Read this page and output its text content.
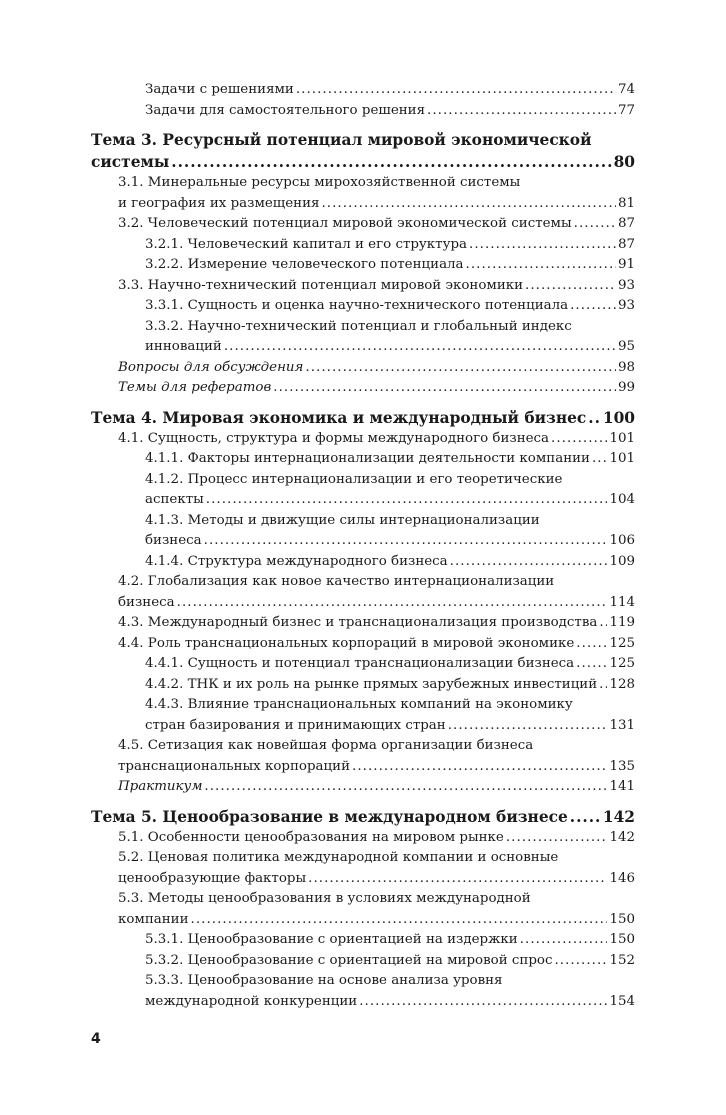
Задачи с решениями . . .	74
Задачи для самостоятельного решения . . .	77
Тема 3. Ресурсный потенциал мировой экономической
системы . . .	80
3.1. Минеральные ресурсы мирохозяйственной системы
и география их размещения . . .	81
3.2. Человеческий потенциал мировой экономической системы . . .	87
3.2.1. Человеческий капитал и его структура . . .	87
3.2.2. Измерение человеческого потенциала . . .	91
3.3. Научно-технический потенциал мировой экономики . . .	93
3.3.1. Сущность и оценка научно-технического потенциала . . .	93
3.3.2. Научно-технический потенциал и глобальный индекс
инноваций . . .	95
Вопросы для обсуждения . . .	98
Темы для рефератов . . .	99
Тема 4. Мировая экономика и международный бизнес . . . 100
4.1. Сущность, структура и формы международного бизнеса . . .	101
4.1.1. Факторы интернационализации деятельности компании . . . 101
4.1.2. Процесс интернационализации и его теоретические
аспекты . . .	104
4.1.3. Методы и движущие силы интернационализации
бизнеса . . .	106
4.1.4. Структура международного бизнеса . . .	109
4.2. Глобализация как новое качество интернационализации
бизнеса . . .	114
4.3. Международный бизнес и транснационализация производства . . . 119
4.4. Роль транснациональных корпораций в мировой экономике . . .	125
4.4.1. Сущность и потенциал транснационализации бизнеса . . .	125
4.4.2. ТНК и их роль на рынке прямых зарубежных инвестиций . . . 128
4.4.3. Влияние транснациональных компаний на экономику
стран базирования и принимающих стран . . .	131
4.5. Сетизация как новейшая форма организации бизнеса
транснациональных корпораций . . .	135
Практикум . . .	141
Тема 5. Ценообразование в международном бизнесе . . . 142
5.1. Особенности ценообразования на мировом рынке . . .	142
5.2. Ценовая политика международной компании и основные
ценообразующие факторы . . .	146
5.3. Методы ценообразования в условиях международной
компании . . .	150
5.3.1. Ценообразование с ориентацией на издержки . . .	150
5.3.2. Ценообразование с ориентацией на мировой спрос . . .	152
5.3.3. Ценообразование на основе анализа уровня
международной конкуренции . . .	154
4
